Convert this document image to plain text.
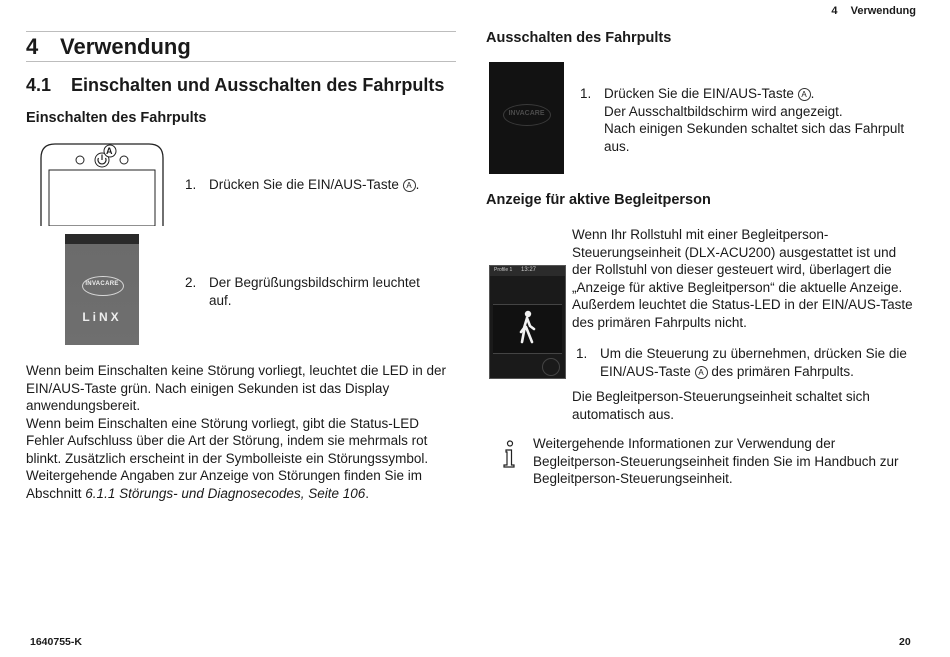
4 Verwendung
4 Verwendung
4.1 Einschalten und Ausschalten des Fahrpults
Einschalten des Fahrpults
A
1. Drücken Sie die EIN/AUS-Taste A .
INVACARE
LiNX
2. Der Begrüßungsbildschirm leuchtet auf.
Wenn beim Einschalten keine Störung vorliegt, leuchtet die LED in der EIN/AUS-Taste grün. Nach einigen Sekunden ist das Display anwendungsbereit.
Wenn beim Einschalten eine Störung vorliegt, gibt die Status-LED Fehler Aufschluss über die Art der Störung, indem sie mehrmals rot blinkt. Zusätzlich erscheint in der Symbolleiste ein Störungssymbol.
Weitergehende Angaben zur Anzeige von Störungen finden Sie im Abschnitt 6.1.1 Störungs- und Diagnosecodes, Seite 106.
Ausschalten des Fahrpults
INVACARE
1. Drücken Sie die EIN/AUS-Taste A .
Der Ausschaltbildschirm wird angezeigt.
Nach einigen Sekunden schaltet sich das Fahrpult aus.
Anzeige für aktive Begleitperson
Profile 1 13:27
Wenn Ihr Rollstuhl mit einer Begleitperson-Steuerungseinheit (DLX-ACU200) ausgestattet ist und der Rollstuhl von dieser gesteuert wird, überlagert die „Anzeige für aktive Begleitperson“ die aktuelle Anzeige. Außerdem leuchtet die Status-LED in der EIN/AUS-Taste des primären Fahrpults nicht.
1. Um die Steuerung zu übernehmen, drücken Sie die EIN/AUS-Taste A des primären Fahrpults.
Die Begleitperson-Steuerungseinheit schaltet sich automatisch aus.
Weitergehende Informationen zur Verwendung der Begleitperson-Steuerungseinheit finden Sie im Handbuch zur Begleitperson-Steuerungseinheit.
1640755-K	20
